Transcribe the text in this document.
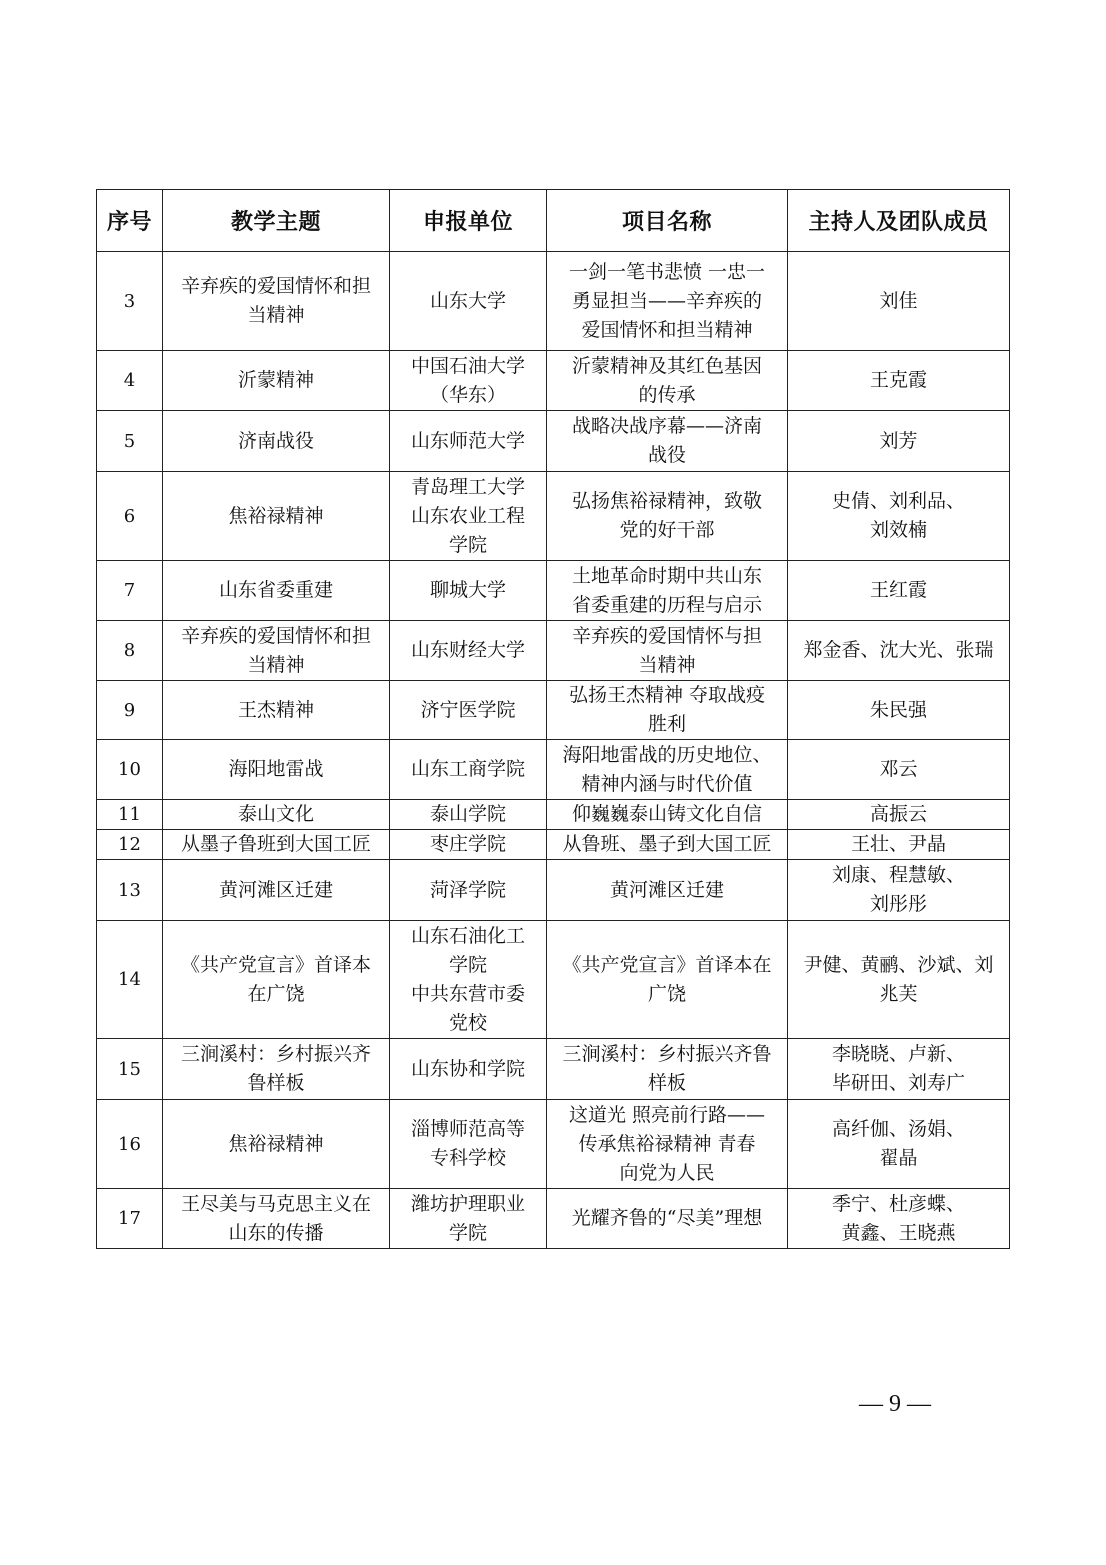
序号	教学主题	申报单位	项目名称	主持人及团队成员
3	辛弃疾的爱国情怀和担
当精神	山东大学	一剑一笔书悲愤 一忠一
勇显担当——辛弃疾的
爱国情怀和担当精神	刘佳

4	沂蒙精神	中国石油大学
（华东）	沂蒙精神及其红色基因
的传承	王克霞

5	济南战役	山东师范大学	战略决战序幕——济南
战役	刘芳

6	焦裕禄精神	青岛理工大学
山东农业工程
学院	弘扬焦裕禄精神，致敬
党的好干部	史倩、刘利品、
刘效楠

7	山东省委重建	聊城大学	土地革命时期中共山东
省委重建的历程与启示	王红霞

8	辛弃疾的爱国情怀和担
当精神	山东财经大学	辛弃疾的爱国情怀与担
当精神	郑金香、沈大光、张瑞

9	王杰精神	济宁医学院	弘扬王杰精神 夺取战疫
胜利	朱民强

10	海阳地雷战	山东工商学院	海阳地雷战的历史地位、
精神内涵与时代价值	邓云

11	泰山文化	泰山学院	仰巍巍泰山铸文化自信	高振云

12	从墨子鲁班到大国工匠	枣庄学院	从鲁班、墨子到大国工匠	王壮、尹晶

13	黄河滩区迁建	菏泽学院	黄河滩区迁建	刘康、程慧敏、
刘彤彤

14	《共产党宣言》首译本
在广饶	山东石油化工
学院
中共东营市委
党校	《共产党宣言》首译本在
广饶	尹健、黄鹂、沙斌、刘
兆芙

15	三涧溪村：乡村振兴齐
鲁样板	山东协和学院	三涧溪村：乡村振兴齐鲁
样板	李晓晓、卢新、
毕研田、刘寿广

16	焦裕禄精神	淄博师范高等
专科学校	这道光 照亮前行路——
传承焦裕禄精神 青春
向党为人民	高纤伽、汤娟、
翟晶

17	王尽美与马克思主义在
山东的传播	潍坊护理职业
学院	光耀齐鲁的“尽美”理想	季宁、杜彦蝶、
黄鑫、王晓燕
— 9 —
